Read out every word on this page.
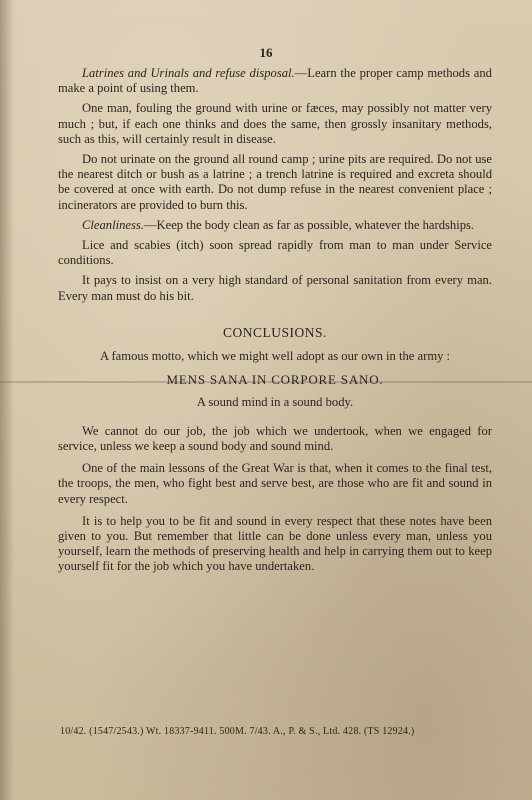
16

Latrines and Urinals and refuse disposal.—Learn the proper camp methods and make a point of using them.

One man, fouling the ground with urine or fæces, may possibly not matter very much ; but, if each one thinks and does the same, then grossly insanitary methods, such as this, will certainly result in disease.

Do not urinate on the ground all round camp ; urine pits are required. Do not use the nearest ditch or bush as a latrine ; a trench latrine is required and excreta should be covered at once with earth. Do not dump refuse in the nearest convenient place ; incinerators are provided to burn this.

Cleanliness.—Keep the body clean as far as possible, whatever the hardships.

Lice and scabies (itch) soon spread rapidly from man to man under Service conditions.

It pays to insist on a very high standard of personal sanitation from every man. Every man must do his bit.

CONCLUSIONS.

A famous motto, which we might well adopt as our own in the army :

MENS SANA IN CORPORE SANO.

A sound mind in a sound body.

We cannot do our job, the job which we undertook, when we engaged for service, unless we keep a sound body and sound mind.

One of the main lessons of the Great War is that, when it comes to the final test, the troops, the men, who fight best and serve best, are those who are fit and sound in every respect.

It is to help you to be fit and sound in every respect that these notes have been given to you. But remember that little can be done unless every man, unless you yourself, learn the methods of preserving health and help in carrying them out to keep yourself fit for the job which you have undertaken.

10/42. (1547/2543.) Wt. 18337-9411. 500M. 7/43. A., P. & S., Ltd. 428. (TS 12924.)
